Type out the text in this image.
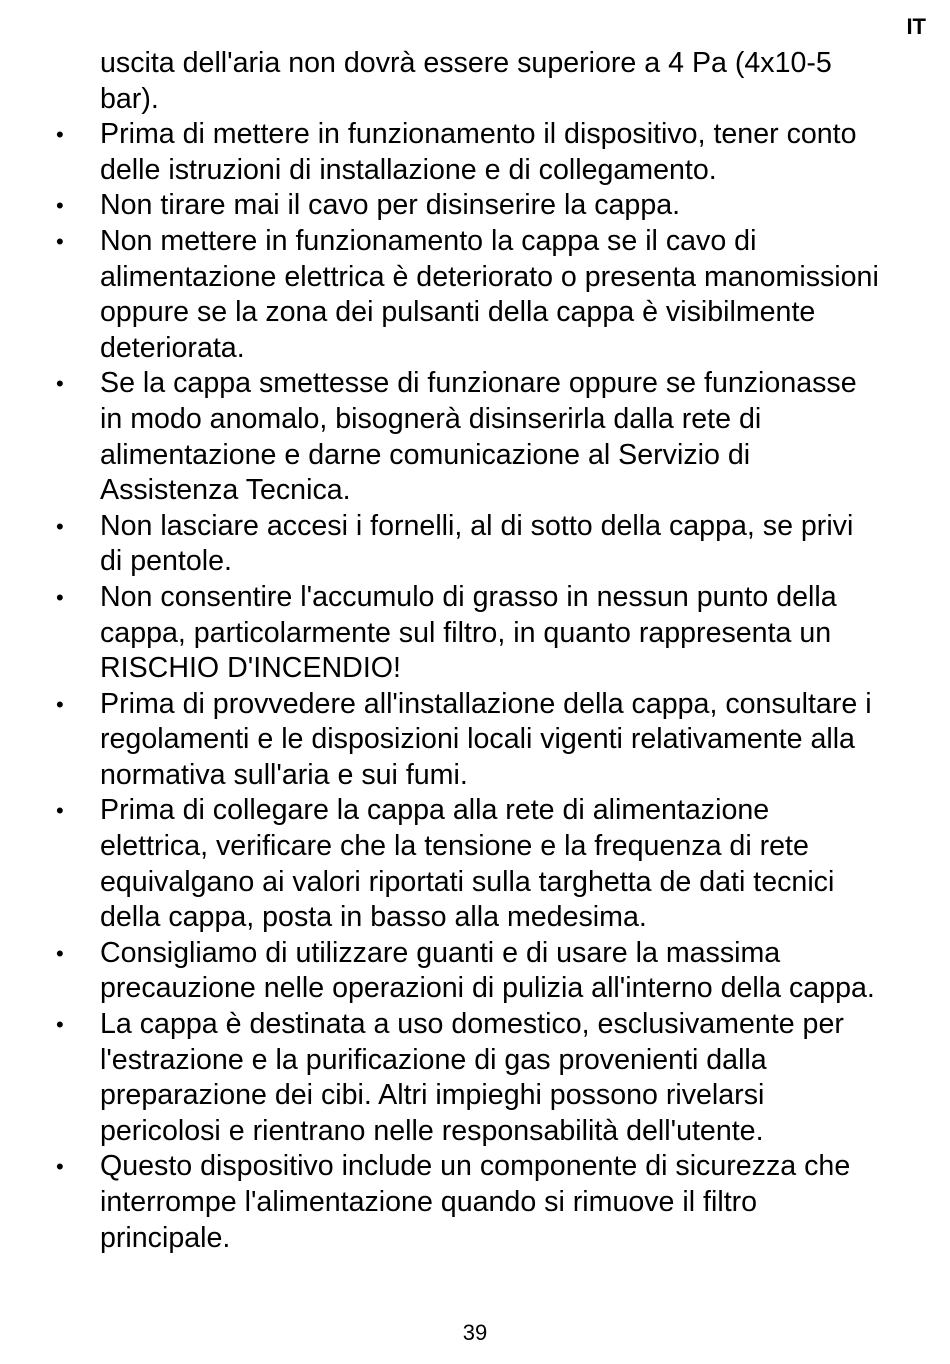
IT
uscita dell'aria non dovrà essere superiore a 4 Pa (4x10-5
bar).
•	Prima di mettere in funzionamento il dispositivo, tener conto
delle istruzioni di installazione e di collegamento.
•	Non tirare mai il cavo per disinserire la cappa.
•	Non mettere in funzionamento la cappa se il cavo di
alimentazione elettrica è deteriorato o presenta manomissioni
oppure se la zona dei pulsanti della cappa è visibilmente
deteriorata.
•	Se la cappa smettesse di funzionare oppure se funzionasse
in modo anomalo, bisognerà disinserirla dalla rete di
alimentazione e darne comunicazione al Servizio di
Assistenza Tecnica.
•	Non lasciare accesi i fornelli, al di sotto della cappa, se privi
di pentole.
•	Non consentire l'accumulo di grasso in nessun punto della
cappa, particolarmente sul filtro, in quanto rappresenta un
RISCHIO D'INCENDIO!
•	Prima di provvedere all'installazione della cappa, consultare i
regolamenti e le disposizioni locali vigenti relativamente alla
normativa sull'aria e sui fumi.
•	Prima di collegare la cappa alla rete di alimentazione
elettrica, verificare che la tensione e la frequenza di rete
equivalgano ai valori riportati sulla targhetta de dati tecnici
della cappa, posta in basso alla medesima.
•	Consigliamo di utilizzare guanti e di usare la massima
precauzione nelle operazioni di pulizia all'interno della cappa.
•	La cappa è destinata a uso domestico, esclusivamente per
l'estrazione e la purificazione di gas provenienti dalla
preparazione dei cibi. Altri impieghi possono rivelarsi
pericolosi e rientrano nelle responsabilità dell'utente.
•	Questo dispositivo include un componente di sicurezza che
interrompe l'alimentazione quando si rimuove il filtro
principale.
39
